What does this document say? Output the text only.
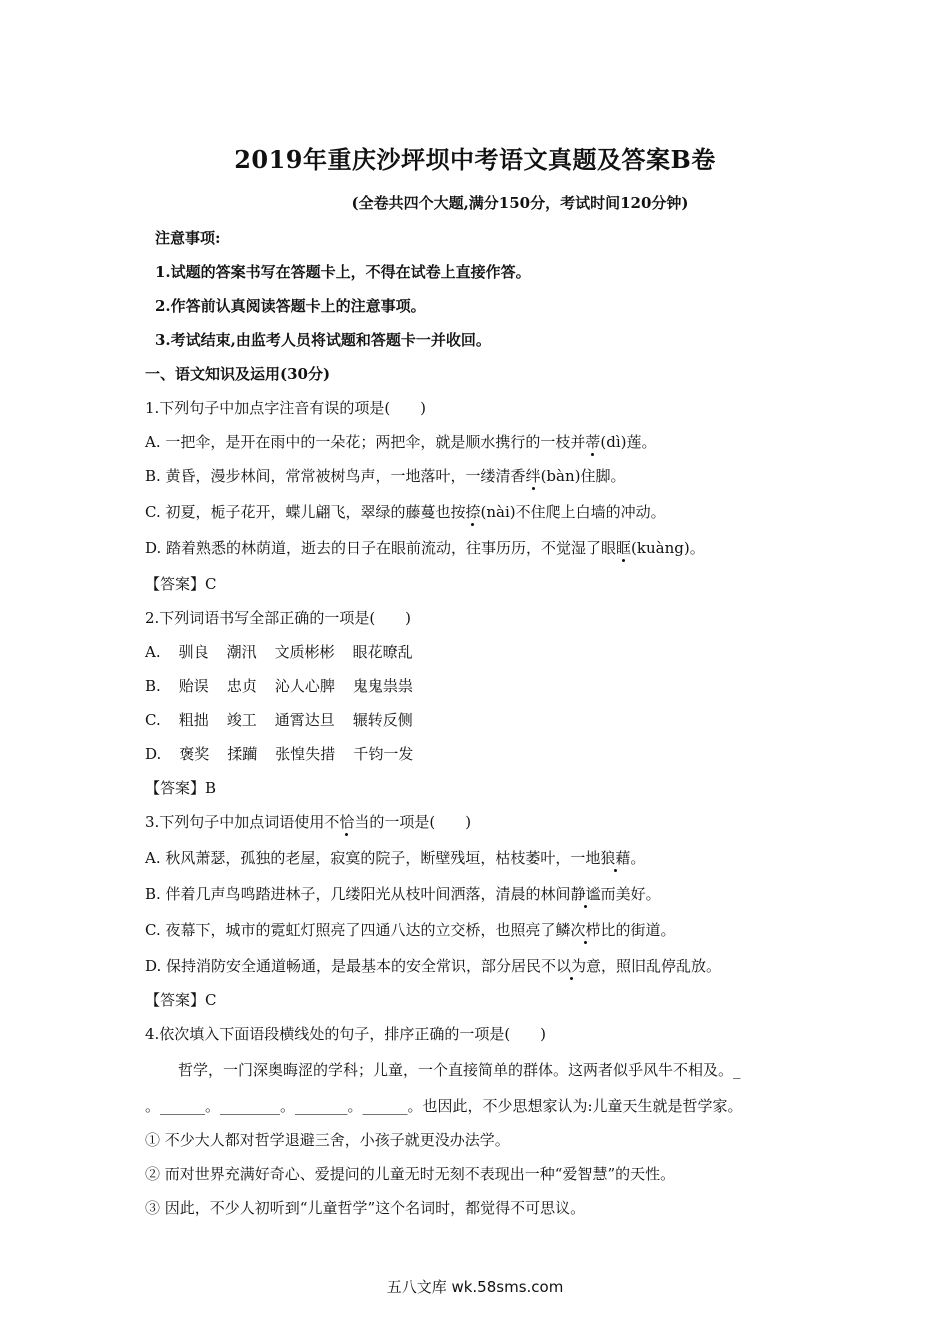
2019年重庆沙坪坝中考语文真题及答案B卷
(全卷共四个大题,满分150分，考试时间120分钟)
注意事项:
1.试题的答案书写在答题卡上，不得在试卷上直接作答。
2.作答前认真阅读答题卡上的注意事项。
3.考试结束,由监考人员将试题和答题卡一并收回。
一、语文知识及运用(30分)
1.下列句子中加点字注音有误的项是(　　)
A. 一把伞，是开在雨中的一朵花；两把伞，就是顺水携行的一枝并蒂(dì)莲。
B. 黄昏，漫步林间，常常被树鸟声，一地落叶，一缕清香绊(bàn)住脚。
C. 初夏，栀子花开，蝶儿翩飞，翠绿的藤蔓也按捺(nài)不住爬上白墙的冲动。
D. 踏着熟悉的林荫道，逝去的日子在眼前流动，往事历历，不觉湿了眼眶(kuàng)。
【答案】C
2.下列词语书写全部正确的一项是(　　)
A. 驯良 潮汛 文质彬彬 眼花暸乱
B. 贻误 忠贞 沁人心脾 鬼鬼祟祟
C. 粗拙 竣工 通霄达旦 辗转反侧
D. 褒奖 揉躏 张惶失措 千钧一发
【答案】B
3.下列句子中加点词语使用不恰当的一项是(　　)
A. 秋风萧瑟，孤独的老屋，寂寞的院子，断壁残垣，枯枝萎叶，一地狼藉。
B. 伴着几声鸟鸣踏进林子，几缕阳光从枝叶间洒落，清晨的林间静谧而美好。
C. 夜幕下，城市的霓虹灯照亮了四通八达的立交桥，也照亮了鳞次栉比的街道。
D. 保持消防安全通道畅通，是最基本的安全常识，部分居民不以为意，照旧乱停乱放。
【答案】C
4.依次填入下面语段横线处的句子，排序正确的一项是(　　)
哲学，一门深奥晦涩的学科；儿童，一个直接简单的群体。这两者似乎风牛不相及。_
。______。________。_______。______。也因此，不少思想家认为:儿童天生就是哲学家。
① 不少大人都对哲学退避三舍，小孩子就更没办法学。
② 而对世界充满好奇心、爱提问的儿童无时无刻不表现出一种“爱智慧”的天性。
③ 因此，不少人初听到“儿童哲学”这个名词时，都觉得不可思议。
五八文库 wk.58sms.com
